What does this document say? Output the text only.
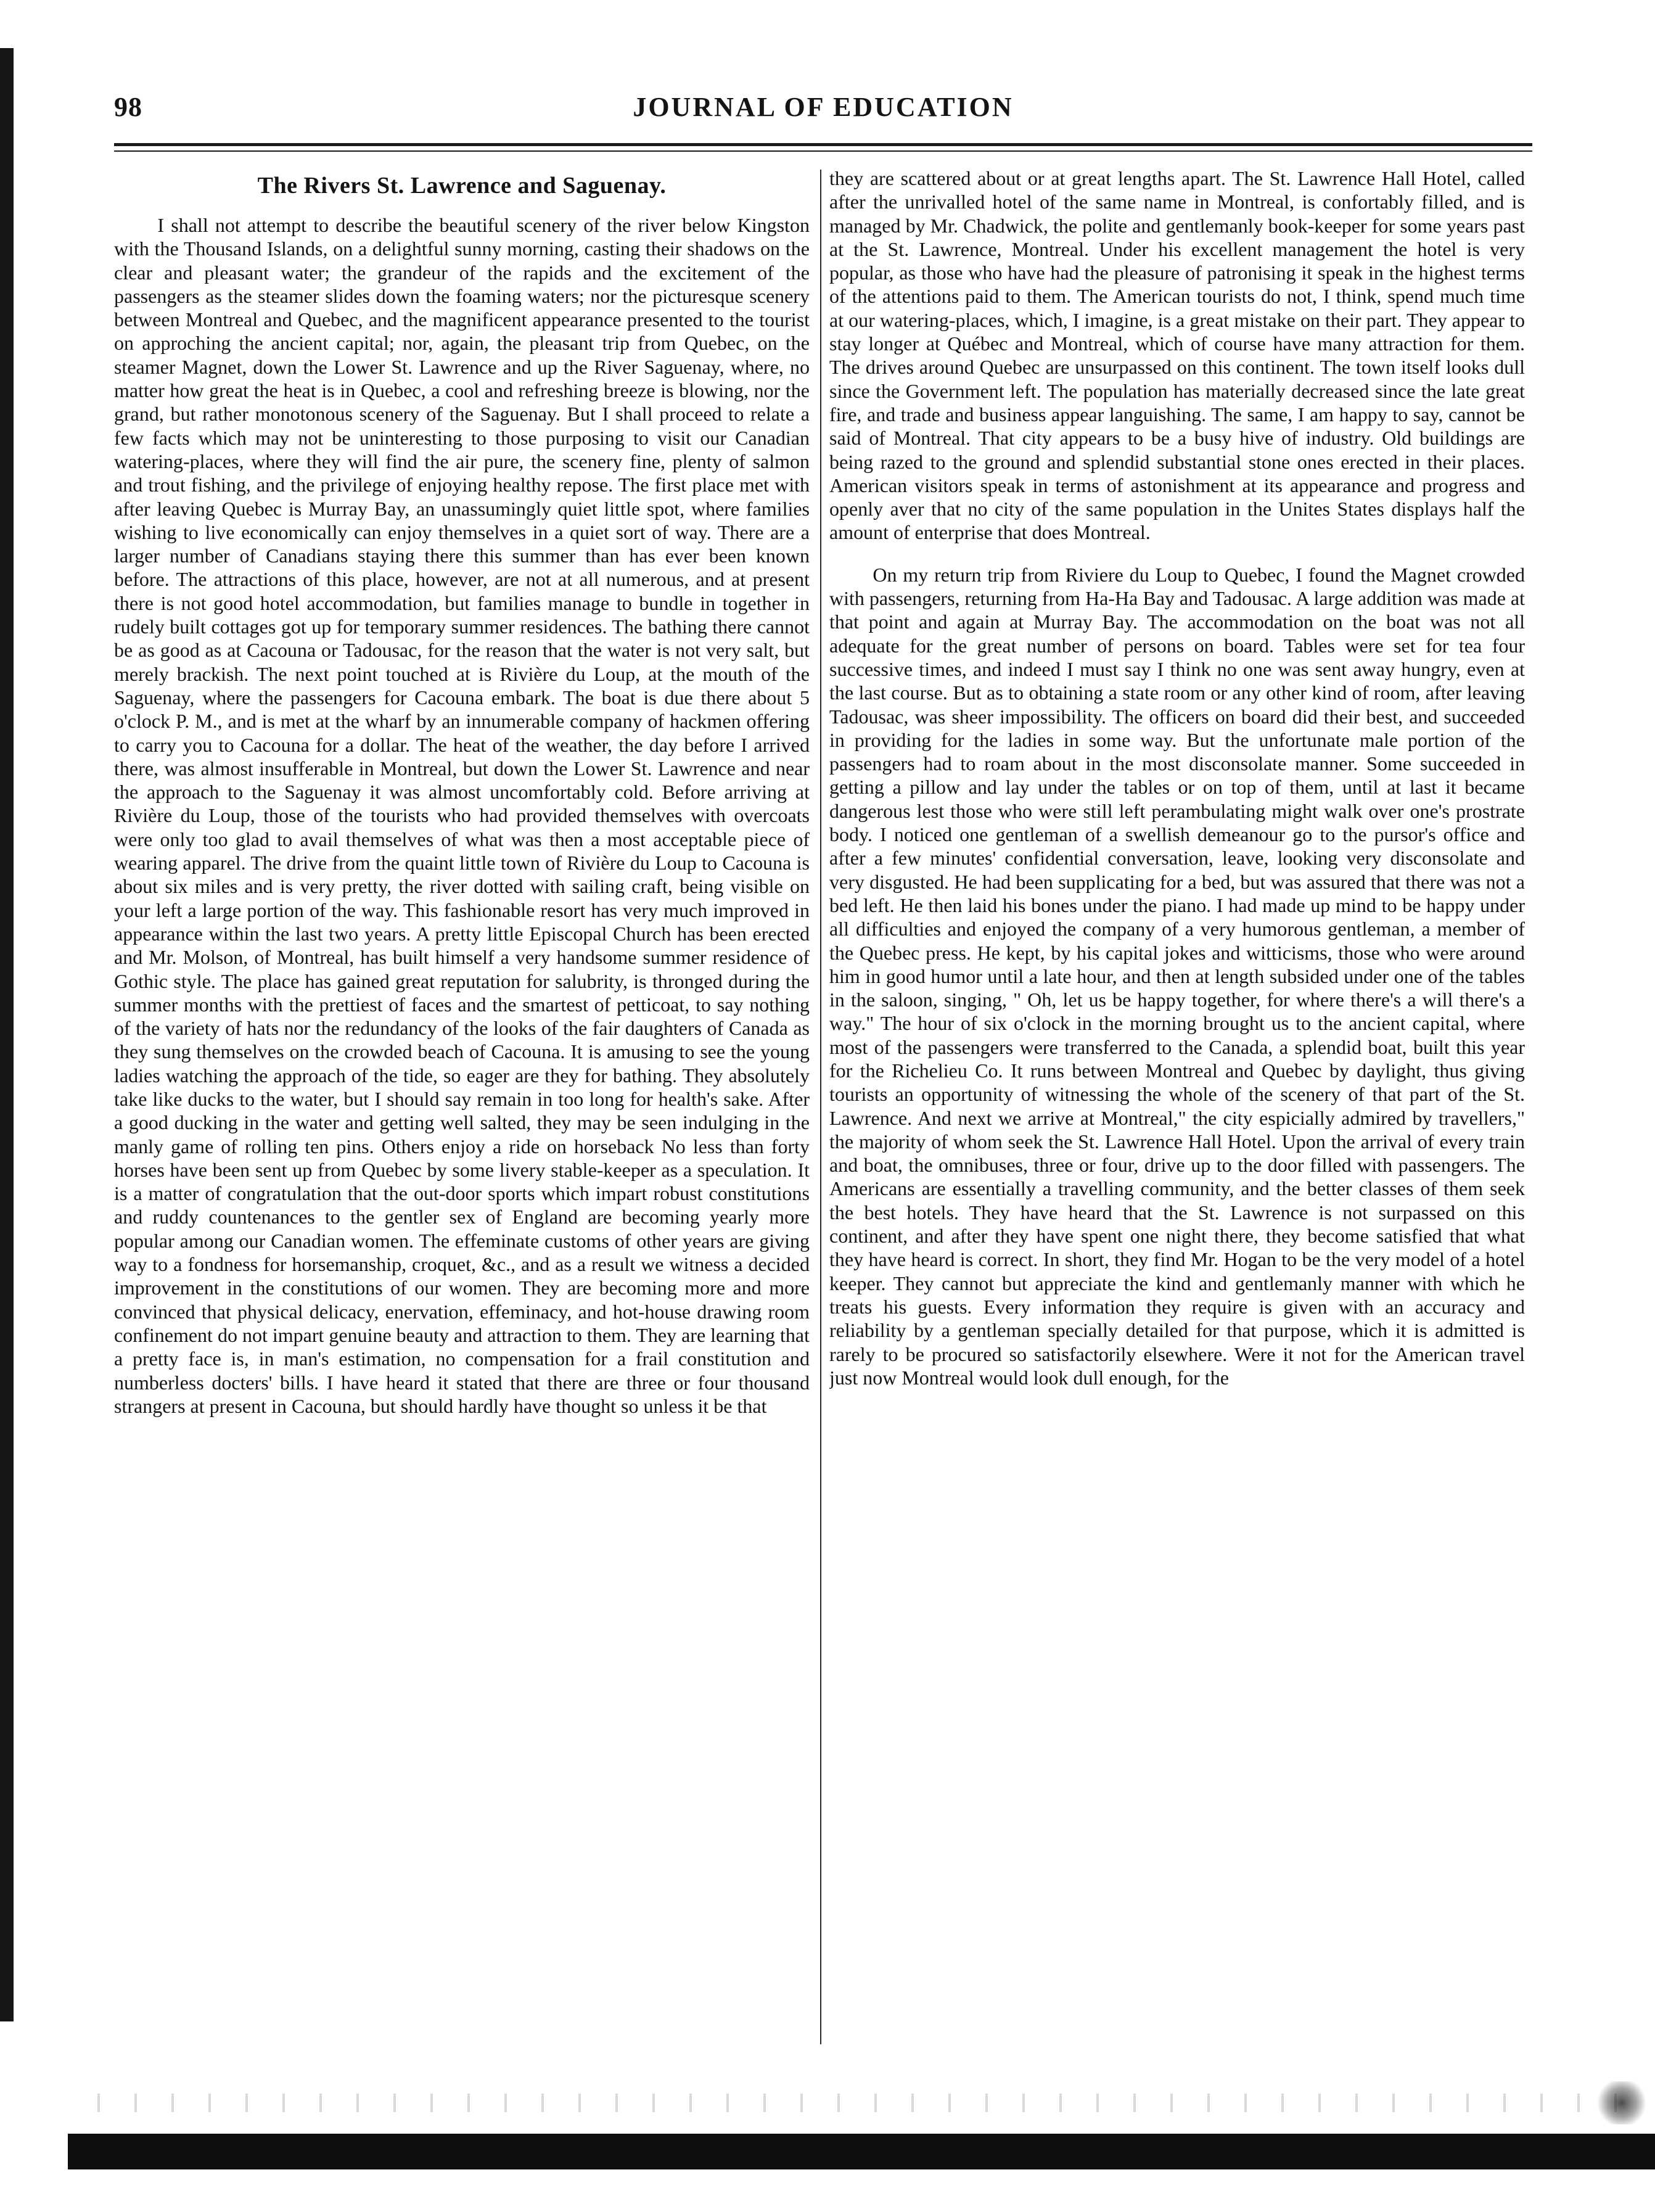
98	JOURNAL OF EDUCATION
The Rivers St. Lawrence and Saguenay.

I shall not attempt to describe the beautiful scenery of the river below Kingston with the Thousand Islands, on a delightful sunny morning, casting their shadows on the clear and pleasant water; the grandeur of the rapids and the excitement of the passengers as the steamer slides down the foaming waters; nor the picturesque scenery between Montreal and Quebec, and the magnificent appearance presented to the tourist on approching the ancient capital; nor, again, the pleasant trip from Quebec, on the steamer Magnet, down the Lower St. Lawrence and up the River Saguenay, where, no matter how great the heat is in Quebec, a cool and refreshing breeze is blowing, nor the grand, but rather monotonous scenery of the Saguenay. But I shall proceed to relate a few facts which may not be uninteresting to those purposing to visit our Canadian watering-places, where they will find the air pure, the scenery fine, plenty of salmon and trout fishing, and the privilege of enjoying healthy repose. The first place met with after leaving Quebec is Murray Bay, an unassumingly quiet little spot, where families wishing to live economically can enjoy themselves in a quiet sort of way. There are a larger number of Canadians staying there this summer than has ever been known before. The attractions of this place, however, are not at all numerous, and at present there is not good hotel accommodation, but families manage to bundle in together in rudely built cottages got up for temporary summer residences. The bathing there cannot be as good as at Cacouna or Tadousac, for the reason that the water is not very salt, but merely brackish. The next point touched at is Rivière du Loup, at the mouth of the Saguenay, where the passengers for Cacouna embark. The boat is due there about 5 o'clock P. M., and is met at the wharf by an innumerable company of hackmen offering to carry you to Cacouna for a dollar. The heat of the weather, the day before I arrived there, was almost insufferable in Montreal, but down the Lower St. Lawrence and near the approach to the Saguenay it was almost uncomfortably cold. Before arriving at Rivière du Loup, those of the tourists who had provided themselves with overcoats were only too glad to avail themselves of what was then a most acceptable piece of wearing apparel. The drive from the quaint little town of Rivière du Loup to Cacouna is about six miles and is very pretty, the river dotted with sailing craft, being visible on your left a large portion of the way. This fashionable resort has very much improved in appearance within the last two years. A pretty little Episcopal Church has been erected and Mr. Molson, of Montreal, has built himself a very handsome summer residence of Gothic style. The place has gained great reputation for salubrity, is thronged during the summer months with the prettiest of faces and the smartest of petticoat, to say nothing of the variety of hats nor the redundancy of the looks of the fair daughters of Canada as they sung themselves on the crowded beach of Cacouna. It is amusing to see the young ladies watching the approach of the tide, so eager are they for bathing. They absolutely take like ducks to the water, but I should say remain in too long for health's sake. After a good ducking in the water and getting well salted, they may be seen indulging in the manly game of rolling ten pins. Others enjoy a ride on horseback No less than forty horses have been sent up from Quebec by some livery stable-keeper as a speculation. It is a matter of congratulation that the out-door sports which impart robust constitutions and ruddy countenances to the gentler sex of England are becoming yearly more popular among our Canadian women. The effeminate customs of other years are giving way to a fondness for horsemanship, croquet, &c., and as a result we witness a decided improvement in the constitutions of our women. They are becoming more and more convinced that physical delicacy, enervation, effeminacy, and hot-house drawing room confinement do not impart genuine beauty and attraction to them. They are learning that a pretty face is, in man's estimation, no compensation for a frail constitution and numberless docters' bills. I have heard it stated that there are three or four thousand strangers at present in Cacouna, but should hardly have thought so unless it be that

they are scattered about or at great lengths apart. The St. Lawrence Hall Hotel, called after the unrivalled hotel of the same name in Montreal, is confortably filled, and is managed by Mr. Chadwick, the polite and gentlemanly book-keeper for some years past at the St. Lawrence, Montreal. Under his excellent management the hotel is very popular, as those who have had the pleasure of patronising it speak in the highest terms of the attentions paid to them. The American tourists do not, I think, spend much time at our watering-places, which, I imagine, is a great mistake on their part. They appear to stay longer at Québec and Montreal, which of course have many attraction for them. The drives around Quebec are unsurpassed on this continent. The town itself looks dull since the Government left. The population has materially decreased since the late great fire, and trade and business appear languishing. The same, I am happy to say, cannot be said of Montreal. That city appears to be a busy hive of industry. Old buildings are being razed to the ground and splendid substantial stone ones erected in their places. American visitors speak in terms of astonishment at its appearance and progress and openly aver that no city of the same population in the Unites States displays half the amount of enterprise that does Montreal.

On my return trip from Riviere du Loup to Quebec, I found the Magnet crowded with passengers, returning from Ha-Ha Bay and Tadousac. A large addition was made at that point and again at Murray Bay. The accommodation on the boat was not all adequate for the great number of persons on board. Tables were set for tea four successive times, and indeed I must say I think no one was sent away hungry, even at the last course. But as to obtaining a state room or any other kind of room, after leaving Tadousac, was sheer impossibility. The officers on board did their best, and succeeded in providing for the ladies in some way. But the unfortunate male portion of the passengers had to roam about in the most disconsolate manner. Some succeeded in getting a pillow and lay under the tables or on top of them, until at last it became dangerous lest those who were still left perambulating might walk over one's prostrate body. I noticed one gentleman of a swellish demeanour go to the pursor's office and after a few minutes' confidential conversation, leave, looking very disconsolate and very disgusted. He had been supplicating for a bed, but was assured that there was not a bed left. He then laid his bones under the piano. I had made up mind to be happy under all difficulties and enjoyed the company of a very humorous gentleman, a member of the Quebec press. He kept, by his capital jokes and witticisms, those who were around him in good humor until a late hour, and then at length subsided under one of the tables in the saloon, singing, " Oh, let us be happy together, for where there's a will there's a way." The hour of six o'clock in the morning brought us to the ancient capital, where most of the passengers were transferred to the Canada, a splendid boat, built this year for the Richelieu Co. It runs between Montreal and Quebec by daylight, thus giving tourists an opportunity of witnessing the whole of the scenery of that part of the St. Lawrence. And next we arrive at Montreal," the city espicially admired by travellers," the majority of whom seek the St. Lawrence Hall Hotel. Upon the arrival of every train and boat, the omnibuses, three or four, drive up to the door filled with passengers. The Americans are essentially a travelling community, and the better classes of them seek the best hotels. They have heard that the St. Lawrence is not surpassed on this continent, and after they have spent one night there, they become satisfied that what they have heard is correct. In short, they find Mr. Hogan to be the very model of a hotel keeper. They cannot but appreciate the kind and gentlemanly manner with which he treats his guests. Every information they require is given with an accuracy and reliability by a gentleman specially detailed for that purpose, which it is admitted is rarely to be procured so satisfactorily elsewhere. Were it not for the American travel just now Montreal would look dull enough, for the
